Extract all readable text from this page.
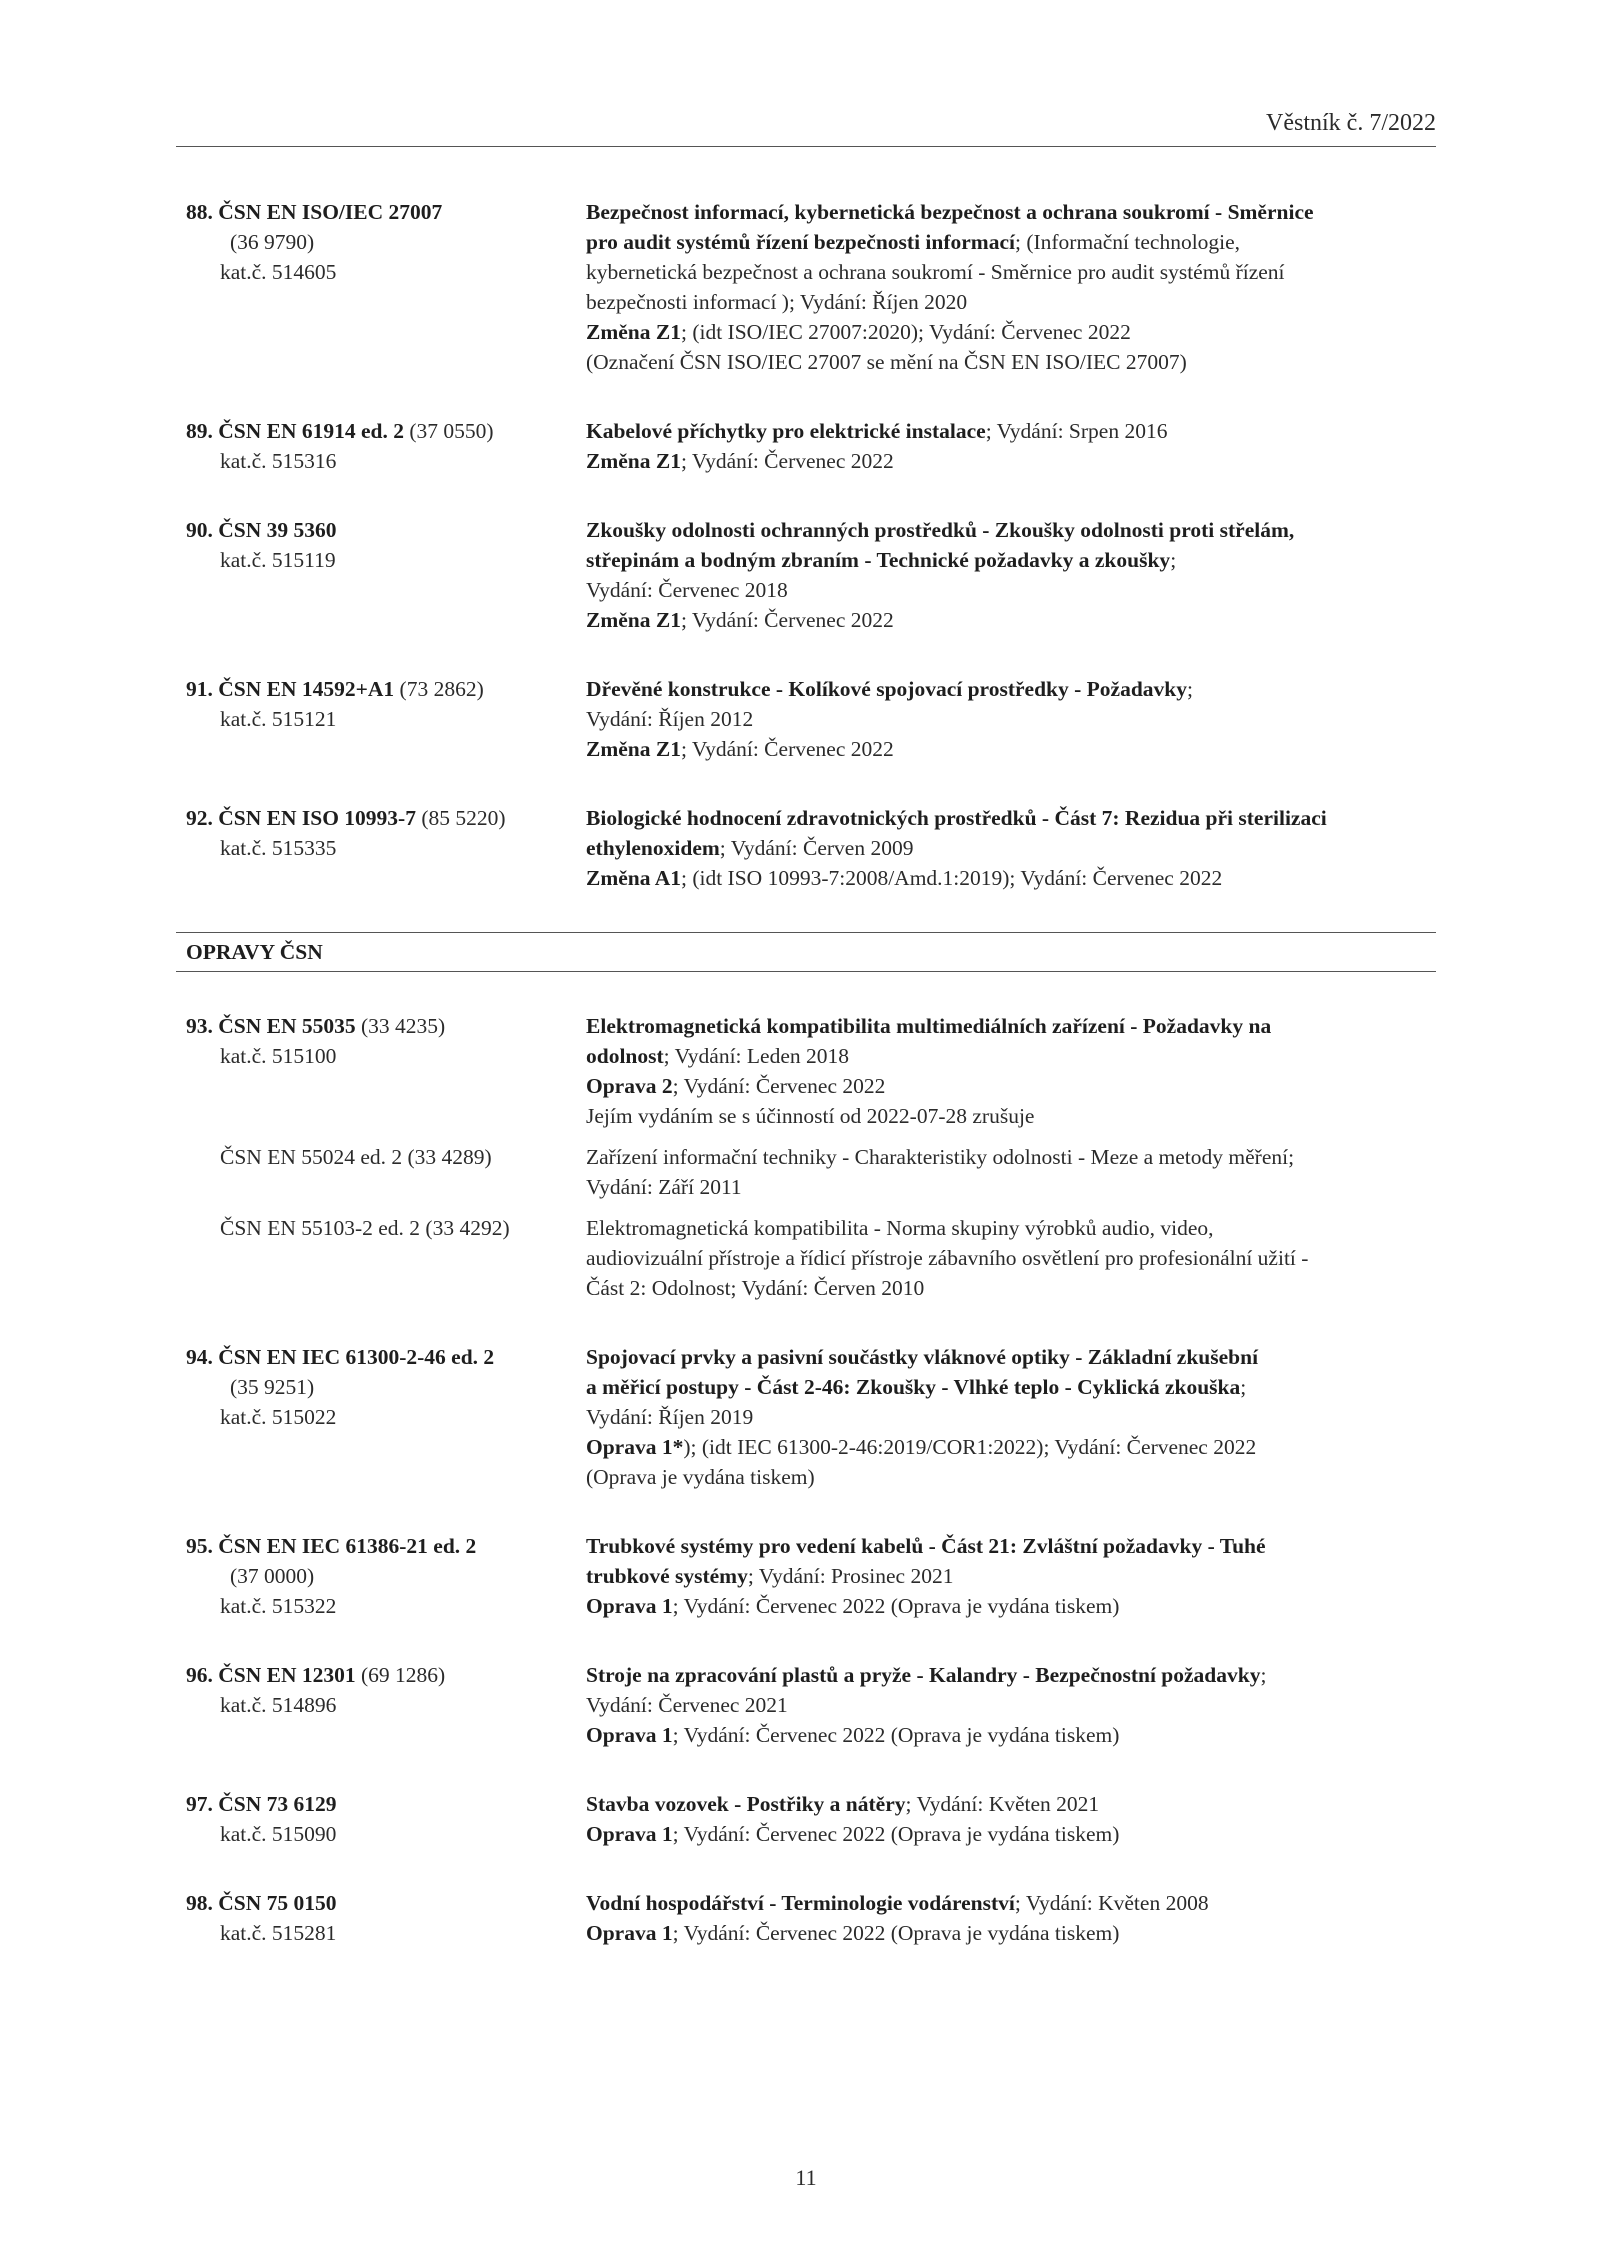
Věstník č. 7/2022
88. ČSN EN ISO/IEC 27007
(36 9790)
kat.č. 514605
Bezpečnost informací, kybernetická bezpečnost a ochrana soukromí - Směrnice
pro audit systémů řízení bezpečnosti informací; (Informační technologie,
kybernetická bezpečnost a ochrana soukromí - Směrnice pro audit systémů řízení
bezpečnosti informací ); Vydání: Říjen 2020
Změna Z1; (idt ISO/IEC 27007:2020); Vydání: Červenec 2022
(Označení ČSN ISO/IEC 27007 se mění na ČSN EN ISO/IEC 27007)
89. ČSN EN 61914 ed. 2 (37 0550)
kat.č. 515316
Kabelové příchytky pro elektrické instalace; Vydání: Srpen 2016
Změna Z1; Vydání: Červenec 2022
90. ČSN 39 5360
kat.č. 515119
Zkoušky odolnosti ochranných prostředků - Zkoušky odolnosti proti střelám,
střepinám a bodným zbraním - Technické požadavky a zkoušky;
Vydání: Červenec 2018
Změna Z1; Vydání: Červenec 2022
91. ČSN EN 14592+A1 (73 2862)
kat.č. 515121
Dřevěné konstrukce - Kolíkové spojovací prostředky - Požadavky;
Vydání: Říjen 2012
Změna Z1; Vydání: Červenec 2022
92. ČSN EN ISO 10993-7 (85 5220)
kat.č. 515335
Biologické hodnocení zdravotnických prostředků - Část 7: Rezidua při sterilizaci
ethylenoxidem; Vydání: Červen 2009
Změna A1; (idt ISO 10993-7:2008/Amd.1:2019); Vydání: Červenec 2022
OPRAVY ČSN
93. ČSN EN 55035 (33 4235)
kat.č. 515100
Elektromagnetická kompatibilita multimediálních zařízení - Požadavky na
odolnost; Vydání: Leden 2018
Oprava 2; Vydání: Červenec 2022
Jejím vydáním se s účinností od 2022-07-28 zrušuje
ČSN EN 55024 ed. 2 (33 4289)	Zařízení informační techniky - Charakteristiky odolnosti - Meze a metody měření;
Vydání: Září 2011
ČSN EN 55103-2 ed. 2 (33 4292)	Elektromagnetická kompatibilita - Norma skupiny výrobků audio, video,
audiovizuální přístroje a řídicí přístroje zábavního osvětlení pro profesionální užití -
Část 2: Odolnost; Vydání: Červen 2010
94. ČSN EN IEC 61300-2-46 ed. 2
(35 9251)
kat.č. 515022
Spojovací prvky a pasivní součástky vláknové optiky - Základní zkušební
a měřicí postupy - Část 2-46: Zkoušky - Vlhké teplo - Cyklická zkouška;
Vydání: Říjen 2019
Oprava 1*); (idt IEC 61300-2-46:2019/COR1:2022); Vydání: Červenec 2022
(Oprava je vydána tiskem)
95. ČSN EN IEC 61386-21 ed. 2
(37 0000)
kat.č. 515322
Trubkové systémy pro vedení kabelů - Část 21: Zvláštní požadavky - Tuhé
trubkové systémy; Vydání: Prosinec 2021
Oprava 1; Vydání: Červenec 2022 (Oprava je vydána tiskem)
96. ČSN EN 12301 (69 1286)
kat.č. 514896
Stroje na zpracování plastů a pryže - Kalandry - Bezpečnostní požadavky;
Vydání: Červenec 2021
Oprava 1; Vydání: Červenec 2022 (Oprava je vydána tiskem)
97. ČSN 73 6129
kat.č. 515090
Stavba vozovek - Postřiky a nátěry; Vydání: Květen 2021
Oprava 1; Vydání: Červenec 2022 (Oprava je vydána tiskem)
98. ČSN 75 0150
kat.č. 515281
Vodní hospodářství - Terminologie vodárenství; Vydání: Květen 2008
Oprava 1; Vydání: Červenec 2022 (Oprava je vydána tiskem)
11
